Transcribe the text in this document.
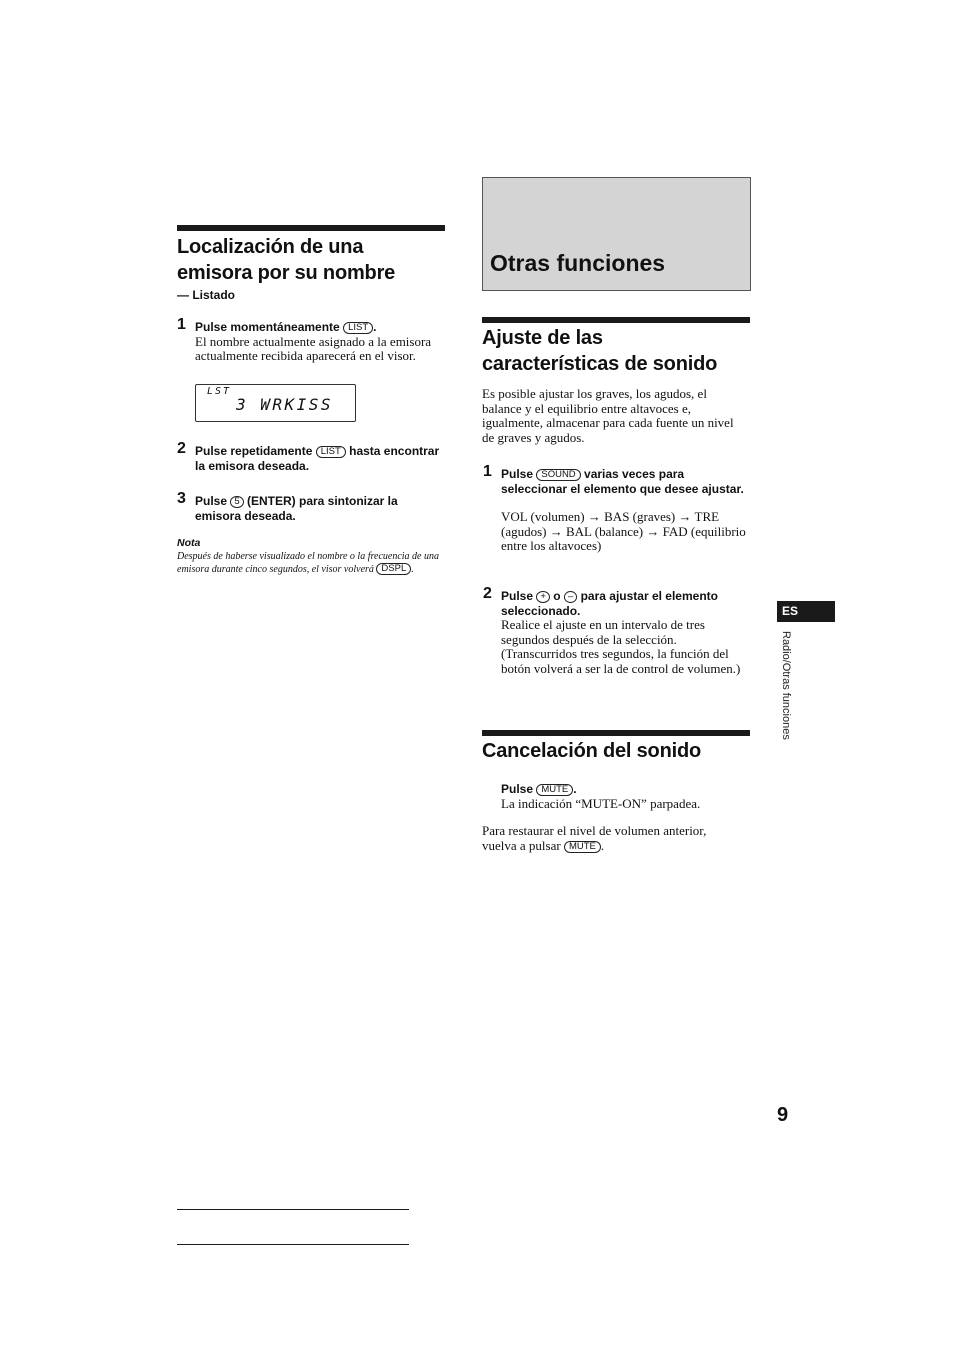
Localización de una
emisora por su nombre
— Listado
1 Pulse momentáneamente LIST .
El nombre actualmente asignado a la emisora actualmente recibida aparecerá en el visor.
LST
3 WRKISS
2 Pulse repetidamente LIST hasta encontrar la emisora deseada.
3 Pulse 5 (ENTER) para sintonizar la emisora deseada.
Nota
Después de haberse visualizado el nombre o la frecuencia de una emisora durante cinco segundos, el visor volverá DSPL .
Otras funciones
Ajuste de las
características de sonido
Es posible ajustar los graves, los agudos, el balance y el equilibrio entre altavoces e, igualmente, almacenar para cada fuente un nivel de graves y agudos.
1 Pulse SOUND varias veces para seleccionar el elemento que desee ajustar.
VOL (volumen) → BAS (graves) → TRE (agudos) → BAL (balance) → FAD (equilibrio entre los altavoces)
2 Pulse + o – para ajustar el elemento seleccionado.
Realice el ajuste en un intervalo de tres segundos después de la selección. (Transcurridos tres segundos, la función del botón volverá a ser la de control de volumen.)
Cancelación del sonido
Pulse MUTE .
La indicación “MUTE-ON” parpadea.
Para restaurar el nivel de volumen anterior, vuelva a pulsar MUTE .
ES
Radio/Otras funciones
9
